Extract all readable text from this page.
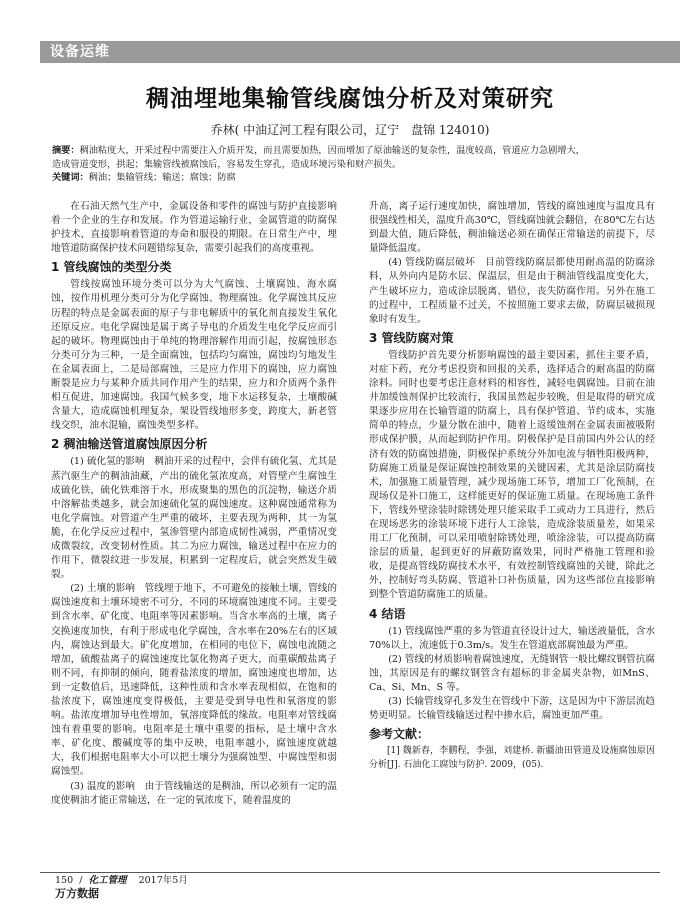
设备运维
稠油埋地集输管线腐蚀分析及对策研究
乔林( 中油辽河工程有限公司，辽宁　盘锦 124010)
摘要：稠油粘度大，开采过程中需要注入介质开发，而且需要加热，因而增加了原油输送的复杂性，温度较高，管道应力急剧增大，
造成管道变形，拱起；集输管线被腐蚀后，容易发生穿孔，造成环境污染和财产损失。
关键词：稠油；集输管线；输送；腐蚀；防腐

在石油天然气生产中，金属设备和零件的腐蚀与防护直接影响着一个企业的生存和发展。作为管道运输行业，金属管道的防腐保护技术，直接影响着管道的寿命和服役的期限。在日常生产中，埋地管道防腐保护技术问题错综复杂，需要引起我们的高度重视。

1 管线腐蚀的类型分类

管线按腐蚀环境分类可以分为大气腐蚀、土壤腐蚀、海水腐蚀，按作用机理分类可分为化学腐蚀、物理腐蚀。化学腐蚀其反应历程的特点是金属表面的原子与非电解质中的氧化剂直接发生氧化还原反应。电化学腐蚀是属于离子导电的介质发生电化学反应而引起的破坏。物理腐蚀由于单纯的物理溶解作用而引起，按腐蚀形态分类可分为三种，一是全面腐蚀，包括均匀腐蚀，腐蚀均匀地发生在金属表面上，二是局部腐蚀，三是应力作用下的腐蚀，应力腐蚀断裂是应力与某种介质共同作用产生的结果，应力和介质两个条件相互促进，加速腐蚀。我国气候多变，地下水运移复杂，土壤酸碱含量大，造成腐蚀机理复杂，架设管线地形多变，跨度大，新老管线交织，油水混输，腐蚀类型多样。

2 稠油输送管道腐蚀原因分析

(1) 硫化氢的影响　稠油开采的过程中，会伴有硫化氢、尤其是蒸汽驱生产的稠油油藏，产出的硫化氢浓度高，对管壁产生腐蚀生成硫化铁，硫化铁难溶于水，形成聚集的黑色的沉淀物，输送介质中溶解盐类越多，就会加速硫化氢的腐蚀速度。这种腐蚀通常称为电化学腐蚀。对管道产生严重的破坏，主要表现为两种，其一为氢脆，在化学反应过程中，氢渗管壁内部造成韧性减弱，严重情况变成微裂纹，改变韧材性质。其二为应力腐蚀，输送过程中在应力的作用下，微裂纹进一步发展，积累到一定程度后，就会突然发生破裂。

(2) 土壤的影响　管线埋于地下，不可避免的接触土壤，管线的腐蚀速度和土壤环境密不可分，不同的环境腐蚀速度不同。主要受到含水率、矿化度、电阻率等因素影响。当含水率高的土壤，离子交换速度加快，有利于形成电化学腐蚀，含水率在20%左右的区域内，腐蚀达到最大。矿化度增加，在相同的电位下，腐蚀电流随之增加，硫酸盐离子的腐蚀速度比氯化物离子更大，而重碳酸盐离子则不同，有抑制的倾向，随着盐浓度的增加，腐蚀速度也增加，达到一定数值后，迅速降低，这种性质和含水率表现相似，在饱和的盐浓度下，腐蚀速度变得极低，主要是受到导电性和氧溶度的影响。盐浓度增加导电性增加，氧溶度降低的缘故。电阻率对管线腐蚀有着重要的影响。电阻率是土壤中重要的指标，是土壤中含水率、矿化度、酸碱度等的集中反映，电阻率越小，腐蚀速度就越大，我们根据电阻率大小可以把土壤分为强腐蚀型、中腐蚀型和弱腐蚀型。

(3) 温度的影响　由于管线输送的是稠油，所以必须有一定的温度使稠油才能正常输送，在一定的氧浓度下，随着温度的

升高，离子运行速度加快，腐蚀增加，管线的腐蚀速度与温度具有很强线性相关，温度升高30℃，管线腐蚀就会翻倍，在80℃左右达到最大值，随后降低，稠油输送必须在确保正常输送的前提下，尽量降低温度。

(4) 管线防腐层破坏　目前管线防腐层都使用耐高温的防腐涂料，从外向内是防水层、保温层，但是由于稠油管线温度变化大，产生破坏应力，造成涂层脱离、错位，丧失防腐作用。另外在施工的过程中，工程质量不过关，不按照施工要求去做，防腐层破损现象时有发生。

3 管线防腐对策

管线防护首先要分析影响腐蚀的最主要因素，抓住主要矛盾，对症下药，充分考虑投资和回报的关系，选择适合的耐高温的防腐涂料。同时也要考虑注意材料的相容性，减轻电偶腐蚀。目前在油井加缓蚀剂保护比较流行，我国虽然起步较晚，但是取得的研究成果逐步应用在长输管道的防腐上，具有保护管道、节约成本，实施简单的特点，少量分散在油中，随着上返缓蚀剂在金属表面被吸附形成保护膜，从而起到防护作用。阴极保护是目前国内外公认的经济有效的防腐蚀措施，阴极保护系统分外加电流与牺牲阳极两种，防腐施工质量是保证腐蚀控制效果的关键因素，尤其是涂层防腐技术，加强施工质量管理，减少现场施工环节，增加工厂化预制，在现场仅是补口施工，这样能更好的保证施工质量。在现场施工条件下，管线外壁涂装时除锈处理只能采取手工或动力工具进行，然后在现场恶劣的涂装环境下进行人工涂装，造成涂装质量差，如果采用工厂化预制，可以采用喷射除锈处理，喷涂涂装，可以提高防腐涂层的质量，起到更好的屏蔽防腐效果，同时严格施工管理和验收，是提高管线防腐技术水平，有效控制管线腐蚀的关键，除此之外，控制好弯头防腐、管道补口补伤质量，因为这些部位直接影响到整个管道防腐施工的质量。

4 结语

(1) 管线腐蚀严重的多为管道直径设计过大，输送液量低，含水70%以上，流速低于0.3m/s。发生在管道底部腐蚀最为严重。

(2) 管线的材质影响着腐蚀速度，无缝钢管一般比螺纹钢管抗腐蚀，其原因是有的螺纹钢管含有超标的非金属夹杂物，如MnS、Ca、Si、Mn、S 等。

(3) 长输管线穿孔多发生在管线中下游，这是因为中下游层流趋势更明显。长输管线输送过程中掺水后，腐蚀更加严重。

参考文献：

[1] 魏新春，李鹏程，李强，刘建桥. 新疆油田管道及设施腐蚀原因分析[J]. 石油化工腐蚀与防护. 2009，(05).

150  /  化工管理 2017年5月
万方数据
